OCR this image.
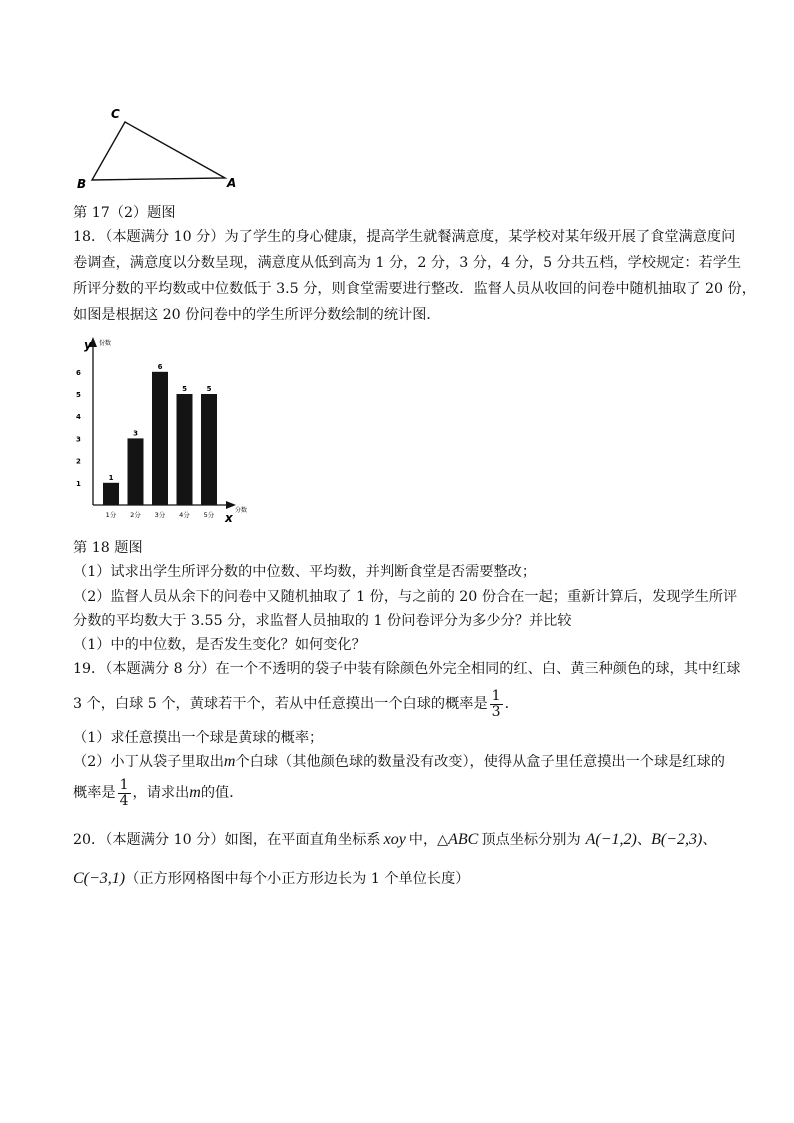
C
B	A
第 17（2）题图
18．（本题满分 10 分）为了学生的身心健康，提高学生就餐满意度，某学校对某年级开展了食堂满意度问
卷调查，满意度以分数呈现，满意度从低到高为 1 分，2 分，3 分，4 分，5 分共五档，学校规定：若学生
所评分数的平均数或中位数低于 3.5 分，则食堂需要进行整改．监督人员从收回的问卷中随机抽取了 20 份，
如图是根据这 20 份问卷中的学生所评分数绘制的统计图．
y 份数
x
分数
1
2
3
4
5
6
1
1分
3
2分
6
3分
5
4分
5
5分
第 18 题图
（1）试求出学生所评分数的中位数、平均数，并判断食堂是否需要整改；
（2）监督人员从余下的问卷中又随机抽取了 1 份，与之前的 20 份合在一起；重新计算后，发现学生所评
分数的平均数大于 3.55 分，求监督人员抽取的 1 份问卷评分为多少分？并比较
（1）中的中位数，是否发生变化？如何变化？
19．（本题满分 8 分）在一个不透明的袋子中装有除颜色外完全相同的红、白、黄三种颜色的球，其中红球
3 个，白球 5 个，黄球若干个，若从中任意摸出一个白球的概率是 $\frac{1}{3}$ ．
（1）求任意摸出一个球是黄球的概率；
（2）小丁从袋子里取出m个白球（其他颜色球的数量没有改变），使得从盒子里任意摸出一个球是红球的
概率是 $\frac{1}{4}$ ，请求出m的值．
20．（本题满分 10 分）如图，在平面直角坐标系 xoy 中，△ABC 顶点坐标分别为 A(−1,2)、B(−2,3)、
C(−3,1)（正方形网格图中每个小正方形边长为 1 个单位长度）
